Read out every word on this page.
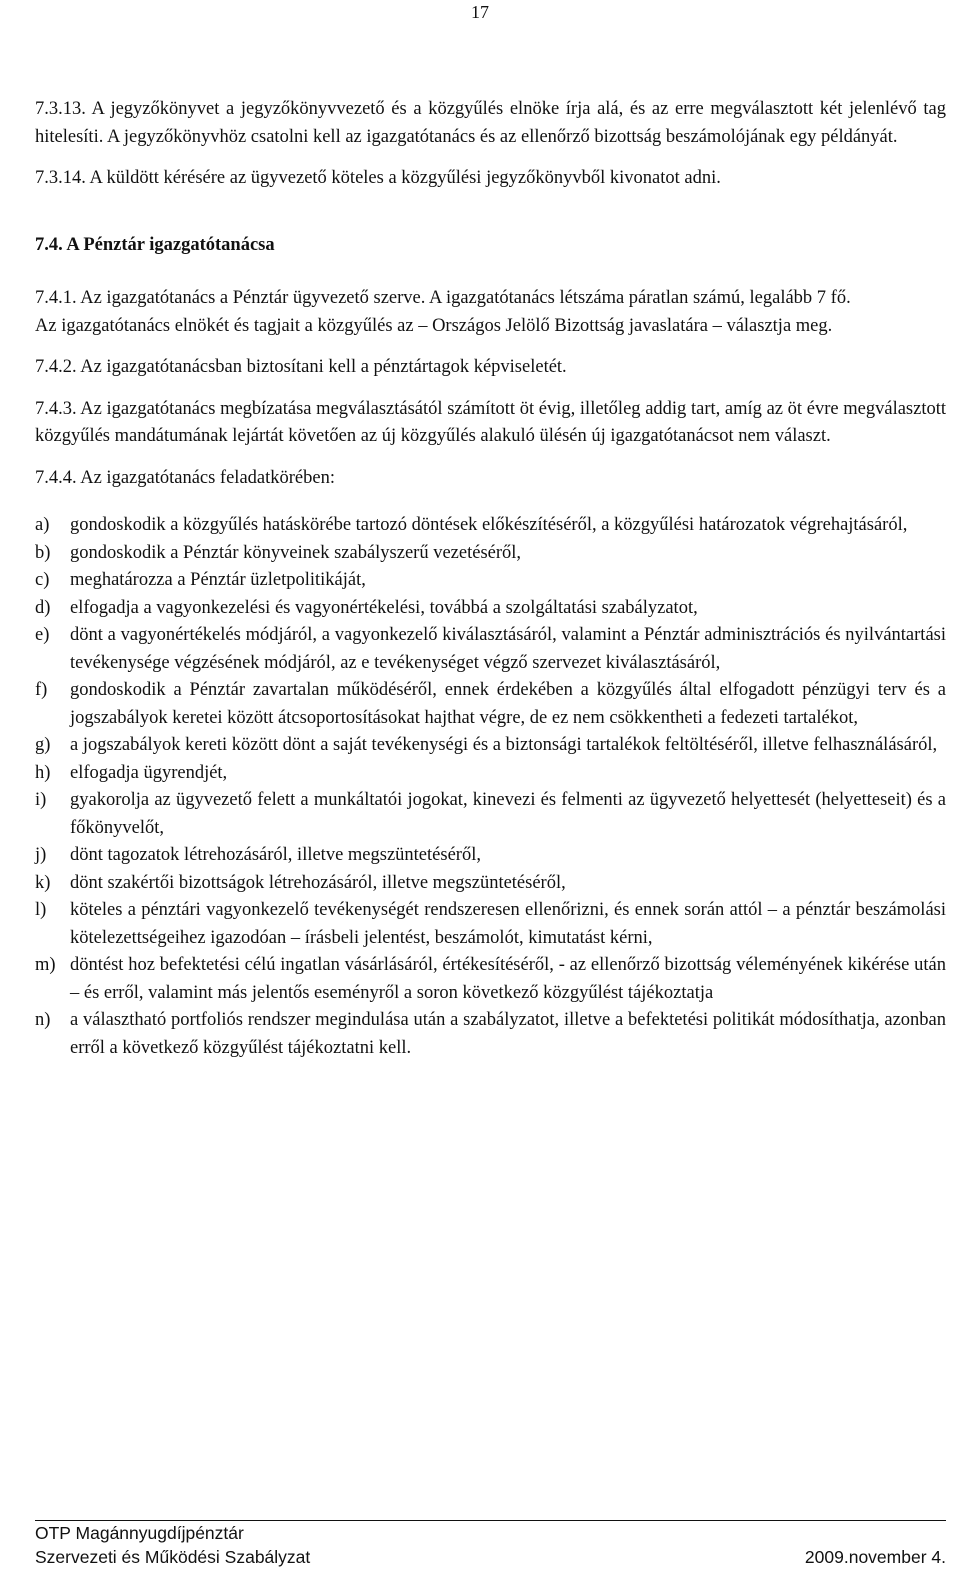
17

7.3.13. A jegyzőkönyvet a jegyzőkönyvvezető és a közgyűlés elnöke írja alá, és az erre megválasztott két jelenlévő tag hitelesíti. A jegyzőkönyvhöz csatolni kell az igazgatótanács és az ellenőrző bizottság beszámolójának egy példányát.

7.3.14. A küldött kérésére az ügyvezető köteles a közgyűlési jegyzőkönyvből kivonatot adni.

7.4. A Pénztár igazgatótanácsa

7.4.1. Az igazgatótanács a Pénztár ügyvezető szerve. A igazgatótanács létszáma páratlan számú, legalább 7 fő.

Az igazgatótanács elnökét és tagjait a közgyűlés az – Országos Jelölő Bizottság javaslatára – választja meg.

7.4.2. Az igazgatótanácsban biztosítani kell a pénztártagok képviseletét.

7.4.3. Az igazgatótanács megbízatása megválasztásától számított öt évig, illetőleg addig tart, amíg az öt évre megválasztott közgyűlés mandátumának lejártát követően az új közgyűlés alakuló ülésén új igazgatótanácsot nem választ.

7.4.4. Az igazgatótanács feladatkörében:

a) gondoskodik a közgyűlés hatáskörébe tartozó döntések előkészítéséről, a közgyűlési határozatok végrehajtásáról,
b) gondoskodik a Pénztár könyveinek szabályszerű vezetéséről,
c) meghatározza a Pénztár üzletpolitikáját,
d) elfogadja a vagyonkezelési és vagyonértékelési, továbbá a szolgáltatási szabályzatot,
e) dönt a vagyonértékelés módjáról, a vagyonkezelő kiválasztásáról, valamint a Pénztár adminisztrációs és nyilvántartási tevékenysége végzésének módjáról, az e tevékenységet végző szervezet kiválasztásáról,
f) gondoskodik a Pénztár zavartalan működéséről, ennek érdekében a közgyűlés által elfogadott pénzügyi terv és a jogszabályok keretei között átcsoportosításokat hajthat végre, de ez nem csökkentheti a fedezeti tartalékot,
g) a jogszabályok kereti között dönt a saját tevékenységi és a biztonsági tartalékok feltöltéséről, illetve felhasználásáról,
h) elfogadja ügyrendjét,
i) gyakorolja az ügyvezető felett a munkáltatói jogokat, kinevezi és felmenti az ügyvezető helyettesét (helyetteseit) és a főkönyvelőt,
j) dönt tagozatok létrehozásáról, illetve megszüntetéséről,
k) dönt szakértői bizottságok létrehozásáról, illetve megszüntetéséről,
l) köteles a pénztári vagyonkezelő tevékenységét rendszeresen ellenőrizni, és ennek során attól – a pénztár beszámolási kötelezettségeihez igazodóan – írásbeli jelentést, beszámolót, kimutatást kérni,
m) döntést hoz befektetési célú ingatlan vásárlásáról, értékesítéséről, - az ellenőrző bizottság véleményének kikérése után – és erről, valamint más jelentős eseményről a soron következő közgyűlést tájékoztatja
n) a választható portfoliós rendszer megindulása után a szabályzatot, illetve a befektetési politikát módosíthatja, azonban erről a következő közgyűlést tájékoztatni kell.
OTP Magánnyugdíjpénztár
Szervezeti és Működési Szabályzat	2009.november 4.
